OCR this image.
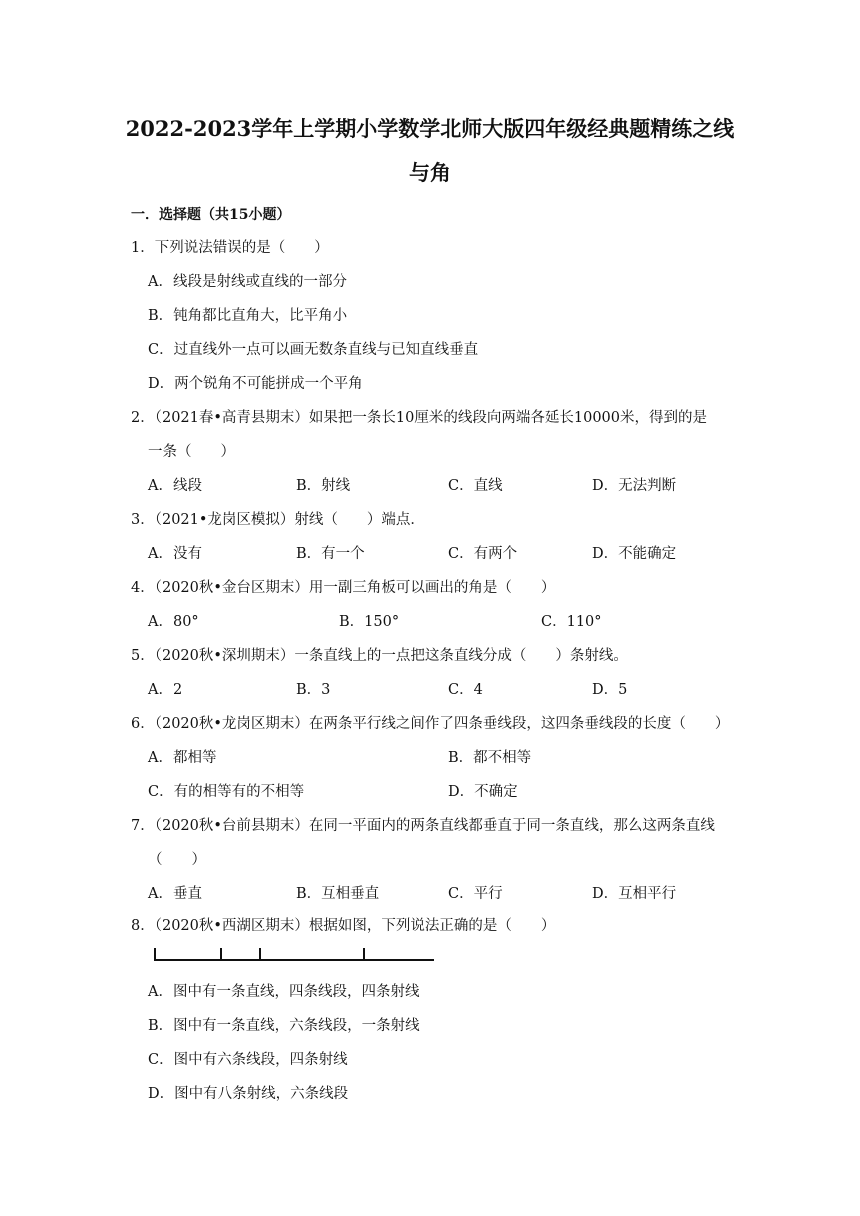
2022-2023学年上学期小学数学北师大版四年级经典题精练之线
与角
一．选择题（共15小题）
1．下列说法错误的是（　　）
A．线段是射线或直线的一部分
B．钝角都比直角大，比平角小
C．过直线外一点可以画无数条直线与已知直线垂直
D．两个锐角不可能拼成一个平角
2．（2021春•高青县期末）如果把一条长10厘米的线段向两端各延长10000米，得到的是
一条（　　）
A．线段	B．射线	C．直线	D．无法判断
3．（2021•龙岗区模拟）射线（　　）端点．
A．没有	B．有一个	C．有两个	D．不能确定
4．（2020秋•金台区期末）用一副三角板可以画出的角是（　　）
A．80°	B．150°	C．110°
5．（2020秋•深圳期末）一条直线上的一点把这条直线分成（　　）条射线。
A．2	B．3	C．4	D．5
6．（2020秋•龙岗区期末）在两条平行线之间作了四条垂线段，这四条垂线段的长度（　　）
A．都相等	B．都不相等
C．有的相等有的不相等	D．不确定
7．（2020秋•台前县期末）在同一平面内的两条直线都垂直于同一条直线，那么这两条直线
（　　）
A．垂直	B．互相垂直	C．平行	D．互相平行
8．（2020秋•西湖区期末）根据如图，下列说法正确的是（　　）
A．图中有一条直线，四条线段，四条射线
B．图中有一条直线，六条线段，一条射线
C．图中有六条线段，四条射线
D．图中有八条射线，六条线段
